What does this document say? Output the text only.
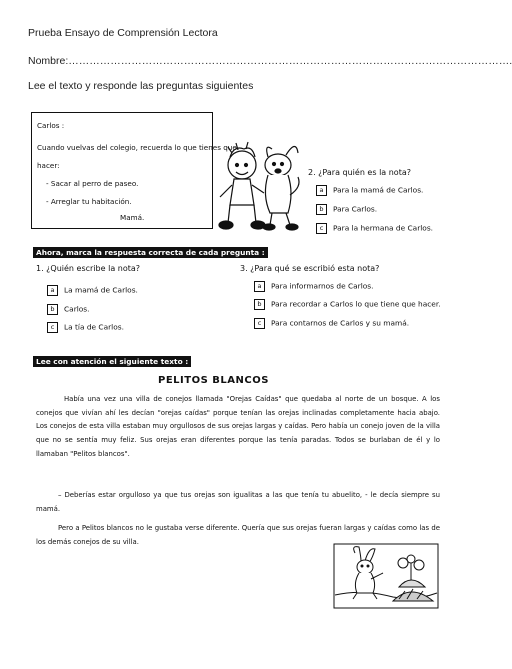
Prueba Ensayo de Comprensión Lectora
Nombre:……………………………………………………………………………………………………………….
Lee el texto y responde las preguntas siguientes
Carlos :
Cuando vuelvas del colegio, recuerda lo que tienes que
hacer:
- Sacar al perro de paseo.
- Arreglar tu habitación.
Mamá.
2. ¿Para quién es la nota?
a Para la mamá de Carlos.
b Para Carlos.
c Para la hermana de Carlos.
Ahora, marca la respuesta correcta de cada pregunta :
1. ¿Quién escribe la nota?
a La mamá de Carlos.
b Carlos.
c La tía de Carlos.
3. ¿Para qué se escribió esta nota?
a Para informarnos de Carlos.
b Para recordar a Carlos lo que tiene que hacer.
c Para contarnos de Carlos y su mamá.
Lee con atención el siguiente texto :
PELITOS BLANCOS

Había una vez una villa de conejos llamada "Orejas Caídas" que quedaba al norte de un bosque. A los conejos que vivían ahí les decían "orejas caídas" porque tenían las orejas inclinadas completamente hacia abajo. Los conejos de esta villa estaban muy orgullosos de sus orejas largas y caídas. Pero había un conejo joven de la villa que no se sentía muy feliz. Sus orejas eran diferentes porque las tenía paradas. Todos se burlaban de él y lo llamaban "Pelitos blancos".

– Deberías estar orgulloso ya que tus orejas son igualitas a las que tenía tu abuelito, - le decía siempre su mamá.

Pero a Pelitos blancos no le gustaba verse diferente. Quería que sus orejas fueran largas y caídas como las de los demás conejos de su villa.
